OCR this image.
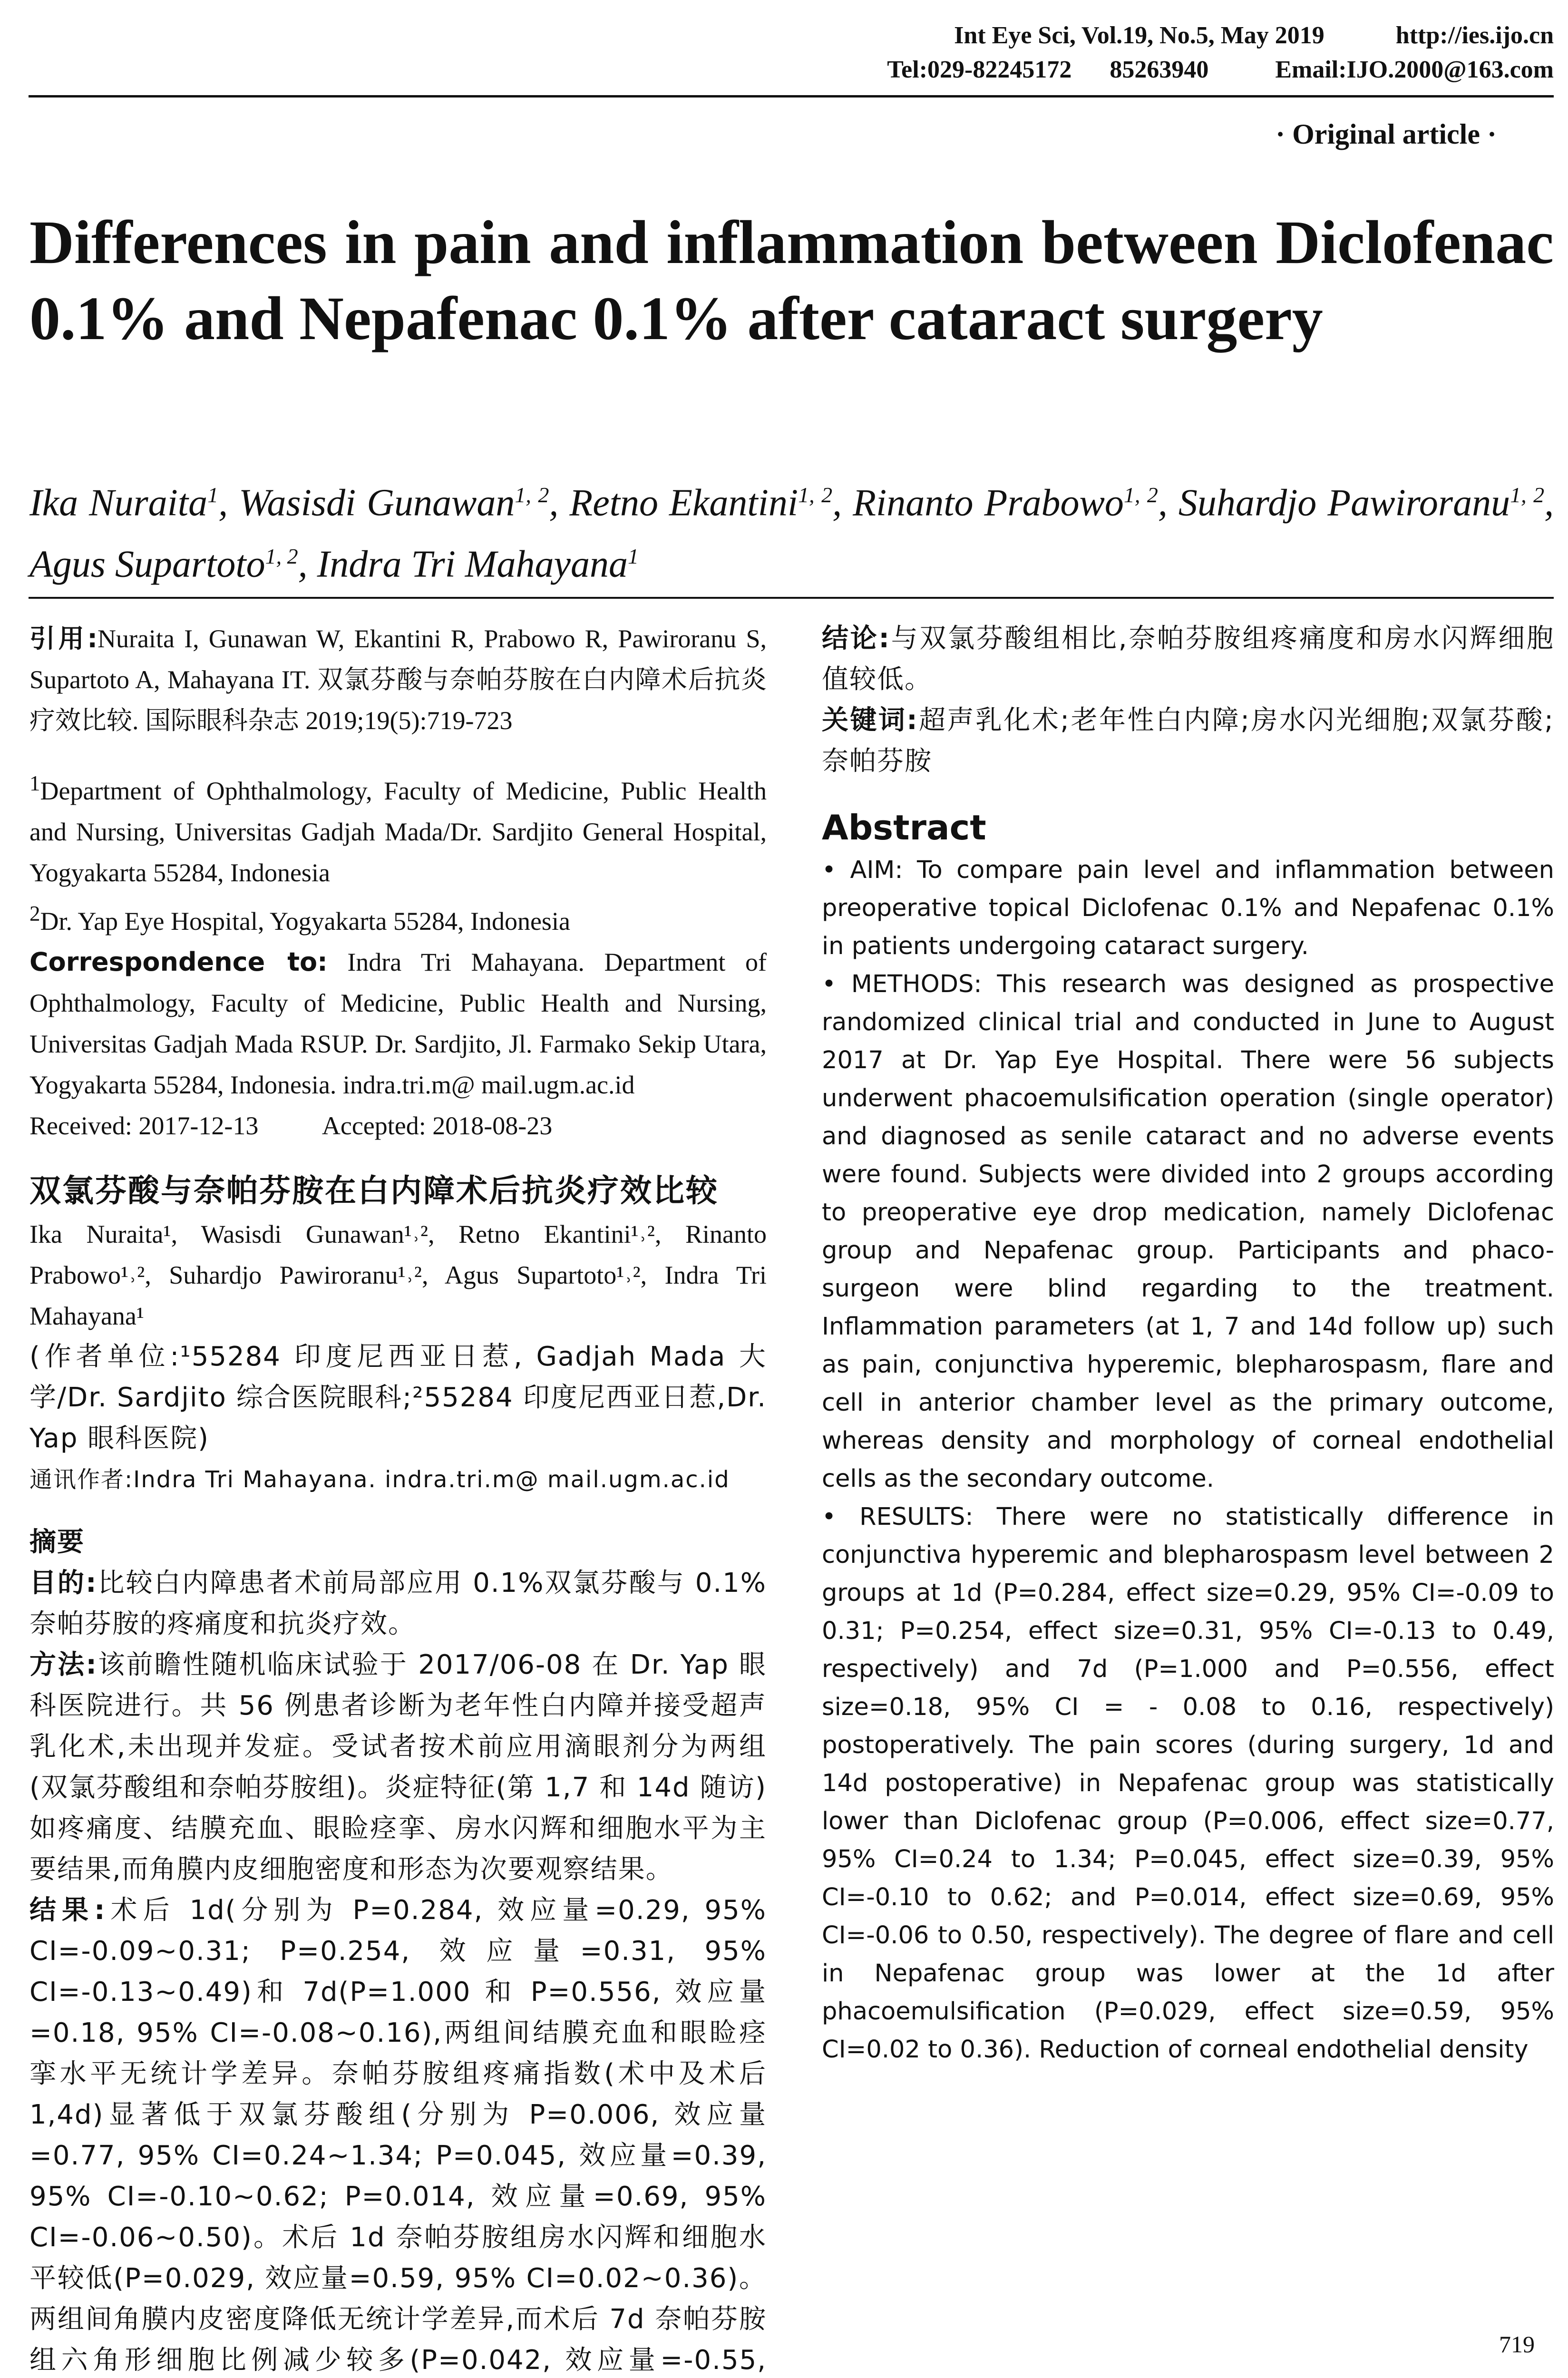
Int Eye Sci, Vol.19, No.5, May 2019	http://ies.ijo.cn
Tel:029-82245172 85263940	Email:IJO.2000@163.com
· Original article ·
Differences in pain and inflammation between Diclofenac 0.1% and Nepafenac 0.1% after cataract surgery
Ika Nuraita$^1$, Wasisdi Gunawan$^{1, 2}$, Retno Ekantini$^{1, 2}$, Rinanto Prabowo$^{1, 2}$, Suhardjo Pawiroranu$^{1, 2}$, Agus Supartoto$^{1, 2}$, Indra Tri Mahayana$^1$

引用:Nuraita I, Gunawan W, Ekantini R, Prabowo R, Pawiroranu S, Supartoto A, Mahayana IT. 双氯芬酸与奈帕芬胺在白内障术后抗炎疗效比较. 国际眼科杂志 2019;19(5):719-723

$^1$Department of Ophthalmology, Faculty of Medicine, Public Health and Nursing, Universitas Gadjah Mada/Dr. Sardjito General Hospital, Yogyakarta 55284, Indonesia

$^2$Dr. Yap Eye Hospital, Yogyakarta 55284, Indonesia

Correspondence to: Indra Tri Mahayana. Department of Ophthalmology, Faculty of Medicine, Public Health and Nursing, Universitas Gadjah Mada RSUP. Dr. Sardjito, Jl. Farmako Sekip Utara, Yogyakarta 55284, Indonesia. indra.tri.m@ mail.ugm.ac.id

Received: 2017-12-13 Accepted: 2018-08-23

双氯芬酸与奈帕芬胺在白内障术后抗炎疗效比较

Ika Nuraita¹, Wasisdi Gunawan¹˒², Retno Ekantini¹˒², Rinanto Prabowo¹˒², Suhardjo Pawiroranu¹˒², Agus Supartoto¹˒², Indra Tri Mahayana¹

(作者单位:¹55284 印度尼西亚日惹, Gadjah Mada 大学/Dr. Sardjito 综合医院眼科;²55284 印度尼西亚日惹,Dr. Yap 眼科医院)

通讯作者:Indra Tri Mahayana. indra.tri.m@ mail.ugm.ac.id

摘要

目的:比较白内障患者术前局部应用 0.1%双氯芬酸与 0.1%奈帕芬胺的疼痛度和抗炎疗效。

方法:该前瞻性随机临床试验于 2017/06-08 在 Dr. Yap 眼科医院进行。共 56 例患者诊断为老年性白内障并接受超声乳化术,未出现并发症。受试者按术前应用滴眼剂分为两组(双氯芬酸组和奈帕芬胺组)。炎症特征(第 1,7 和 14d 随访)如疼痛度、结膜充血、眼睑痉挛、房水闪辉和细胞水平为主要结果,而角膜内皮细胞密度和形态为次要观察结果。

结果:术后 1d(分别为 P=0.284, 效应量=0.29, 95% CI=-0.09~0.31; P=0.254, 效应量=0.31, 95% CI=-0.13~0.49)和 7d(P=1.000 和 P=0.556, 效应量=0.18, 95% CI=-0.08~0.16),两组间结膜充血和眼睑痉挛水平无统计学差异。奈帕芬胺组疼痛指数(术中及术后 1,4d)显著低于双氯芬酸组(分别为 P=0.006, 效应量=0.77, 95% CI=0.24~1.34; P=0.045, 效应量=0.39, 95% CI=-0.10~0.62; P=0.014, 效应量=0.69, 95% CI=-0.06~0.50)。术后 1d 奈帕芬胺组房水闪辉和细胞水平较低(P=0.029, 效应量=0.59, 95% CI=0.02~0.36)。两组间角膜内皮密度降低无统计学差异,而术后 7d 奈帕芬胺组六角形细胞比例减少较多(P=0.042, 效应量=-0.55,

结论:与双氯芬酸组相比,奈帕芬胺组疼痛度和房水闪辉细胞值较低。

关键词:超声乳化术;老年性白内障;房水闪光细胞;双氯芬酸;奈帕芬胺

Abstract

• AIM: To compare pain level and inflammation between preoperative topical Diclofenac 0.1% and Nepafenac 0.1% in patients undergoing cataract surgery.

• METHODS: This research was designed as prospective randomized clinical trial and conducted in June to August 2017 at Dr. Yap Eye Hospital. There were 56 subjects underwent phacoemulsification operation (single operator) and diagnosed as senile cataract and no adverse events were found. Subjects were divided into 2 groups according to preoperative eye drop medication, namely Diclofenac group and Nepafenac group. Participants and phaco-surgeon were blind regarding to the treatment. Inflammation parameters (at 1, 7 and 14d follow up) such as pain, conjunctiva hyperemic, blepharospasm, flare and cell in anterior chamber level as the primary outcome, whereas density and morphology of corneal endothelial cells as the secondary outcome.

• RESULTS: There were no statistically difference in conjunctiva hyperemic and blepharospasm level between 2 groups at 1d (P=0.284, effect size=0.29, 95% CI=-0.09 to 0.31; P=0.254, effect size=0.31, 95% CI=-0.13 to 0.49, respectively) and 7d (P=1.000 and P=0.556, effect size=0.18, 95% CI = - 0.08 to 0.16, respectively) postoperatively. The pain scores (during surgery, 1d and 14d postoperative) in Nepafenac group was statistically lower than Diclofenac group (P=0.006, effect size=0.77, 95% CI=0.24 to 1.34; P=0.045, effect size=0.39, 95% CI=-0.10 to 0.62; and P=0.014, effect size=0.69, 95% CI=-0.06 to 0.50, respectively). The degree of flare and cell in Nepafenac group was lower at the 1d after phacoemulsification (P=0.029, effect size=0.59, 95% CI=0.02 to 0.36). Reduction of corneal endothelial density

719
